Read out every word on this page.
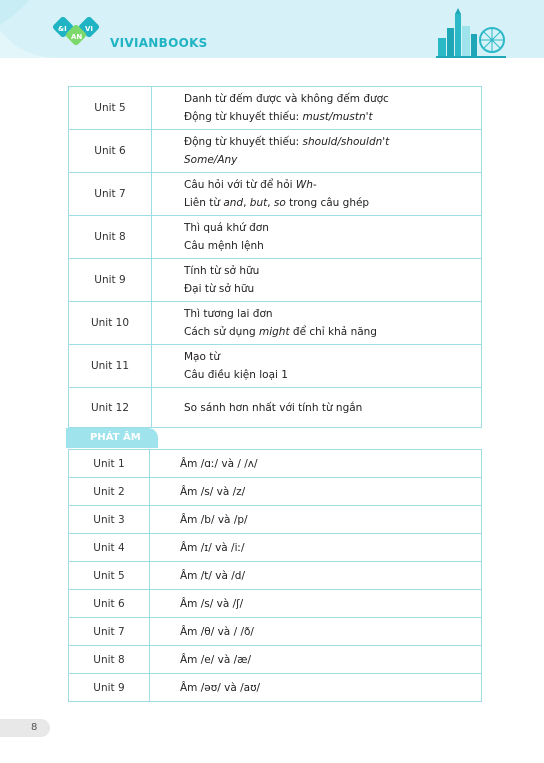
&I	VI
AN VIVIANBOOKS
Unit 5	Danh từ đếm được và không đếm được
Động từ khuyết thiếu: must/mustn't

Unit 6	Động từ khuyết thiếu: should/shouldn't
Some/Any

Unit 7	Câu hỏi với từ để hỏi Wh-
Liên từ and, but, so trong câu ghép

Unit 8	Thì quá khứ đơn
Câu mệnh lệnh

Unit 9	Tính từ sở hữu
Đại từ sở hữu

Unit 10	Thì tương lai đơn
Cách sử dụng might để chỉ khả năng

Unit 11	Mạo từ
Câu điều kiện loại 1

Unit 12	So sánh hơn nhất với tính từ ngắn
PHÁT ÂM
Unit 1	Âm /ɑː/ và / /ʌ/
Unit 2	Âm /s/ và /z/
Unit 3	Âm /b/ và /p/
Unit 4	Âm /ɪ/ và /iː/
Unit 5	Âm /t/ và /d/
Unit 6	Âm /s/ và /ʃ/
Unit 7	Âm /θ/ và / /ð/
Unit 8	Âm /e/ và /æ/
Unit 9	Âm /əʊ/ và /aʊ/
8
